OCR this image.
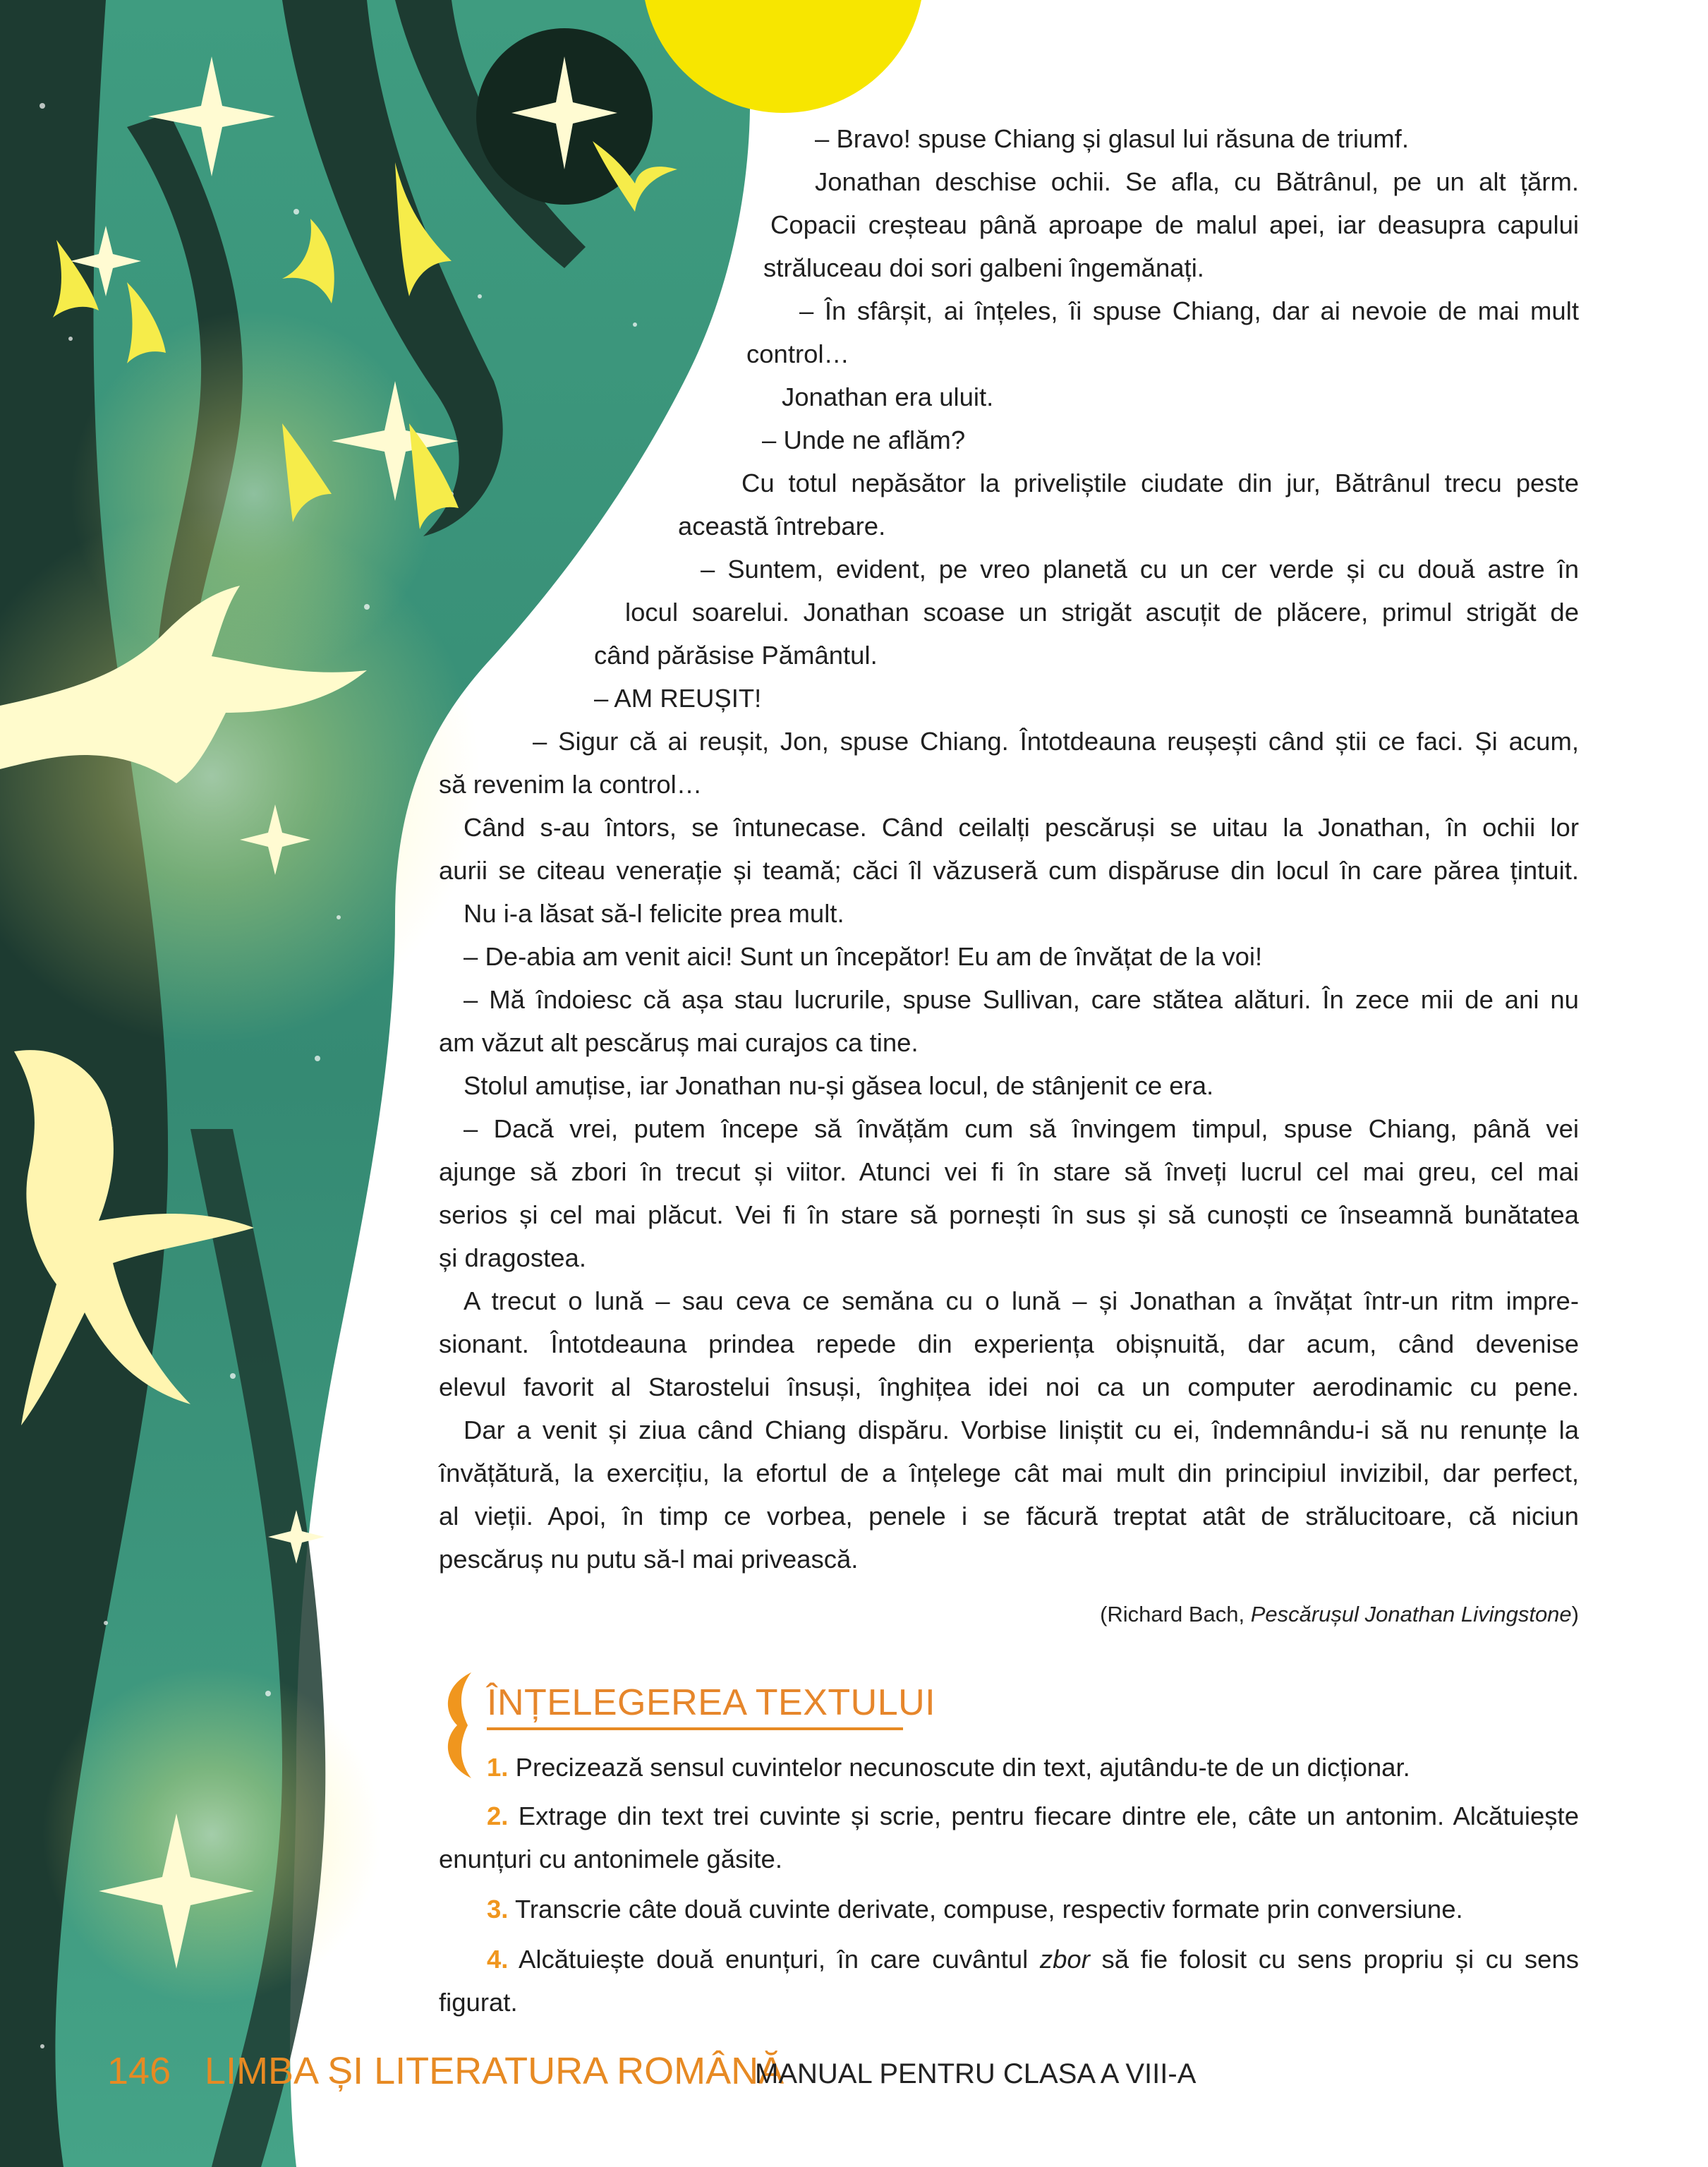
– Bravo! spuse Chiang și glasul lui răsuna de triumf.

Jonathan deschise ochii. Se afla, cu Bătrânul, pe un alt țărm.

Copacii creșteau până aproape de malul apei, iar deasupra capului

străluceau doi sori galbeni îngemănați.

– În sfârșit, ai înțeles, îi spuse Chiang, dar ai nevoie de mai mult

control…

Jonathan era uluit.

– Unde ne aflăm?

Cu totul nepăsător la priveliștile ciudate din jur, Bătrânul trecu peste

această întrebare.

– Suntem, evident, pe vreo planetă cu un cer verde și cu două astre în

locul soarelui. Jonathan scoase un strigăt ascuțit de plăcere, primul strigăt de

când părăsise Pământul.

– AM REUȘIT!

– Sigur că ai reușit, Jon, spuse Chiang. Întotdeauna reușești când știi ce faci. Și acum,

să revenim la control…

Când s-au întors, se întunecase. Când ceilalți pescăruși se uitau la Jonathan, în ochii lor

aurii se citeau venerație și teamă; căci îl văzuseră cum dispăruse din locul în care părea țintuit.

Nu i-a lăsat să-l felicite prea mult.

– De-abia am venit aici! Sunt un începător! Eu am de învățat de la voi!

– Mă îndoiesc că așa stau lucrurile, spuse Sullivan, care stătea alături. În zece mii de ani nu

am văzut alt pescăruș mai curajos ca tine.

Stolul amuțise, iar Jonathan nu-și găsea locul, de stânjenit ce era.

– Dacă vrei, putem începe să învățăm cum să învingem timpul, spuse Chiang, până vei

ajunge să zbori în trecut și viitor. Atunci vei fi în stare să înveți lucrul cel mai greu, cel mai

serios și cel mai plăcut. Vei fi în stare să pornești în sus și să cunoști ce înseamnă bunătatea

și dragostea.

A trecut o lună – sau ceva ce semăna cu o lună – și Jonathan a învățat într-un ritm impre-

sionant. Întotdeauna prindea repede din experiența obișnuită, dar acum, când devenise

elevul favorit al Starostelui însuși, înghițea idei noi ca un computer aerodinamic cu pene.

Dar a venit și ziua când Chiang dispăru. Vorbise liniștit cu ei, îndemnându-i să nu renunțe la

învățătură, la exercițiu, la efortul de a înțelege cât mai mult din principiul invizibil, dar perfect,

al vieții. Apoi, în timp ce vorbea, penele i se făcură treptat atât de strălucitoare, că niciun

pescăruș nu putu să-l mai privească.

(Richard Bach, Pescărușul Jonathan Livingstone)
ÎNȚELEGEREA TEXTULUI

1. Precizează sensul cuvintelor necunoscute din text, ajutându-te de un dicționar.

2. Extrage din text trei cuvinte și scrie, pentru fiecare dintre ele, câte un antonim. Alcătuiește

enunțuri cu antonimele găsite.

3. Transcrie câte două cuvinte derivate, compuse, respectiv formate prin conversiune.

4. Alcătuiește două enunțuri, în care cuvântul zbor să fie folosit cu sens propriu și cu sens

figurat.

146 LIMBA ȘI LITERATURA ROMÂNĂ
MANUAL PENTRU CLASA A VIII-A
